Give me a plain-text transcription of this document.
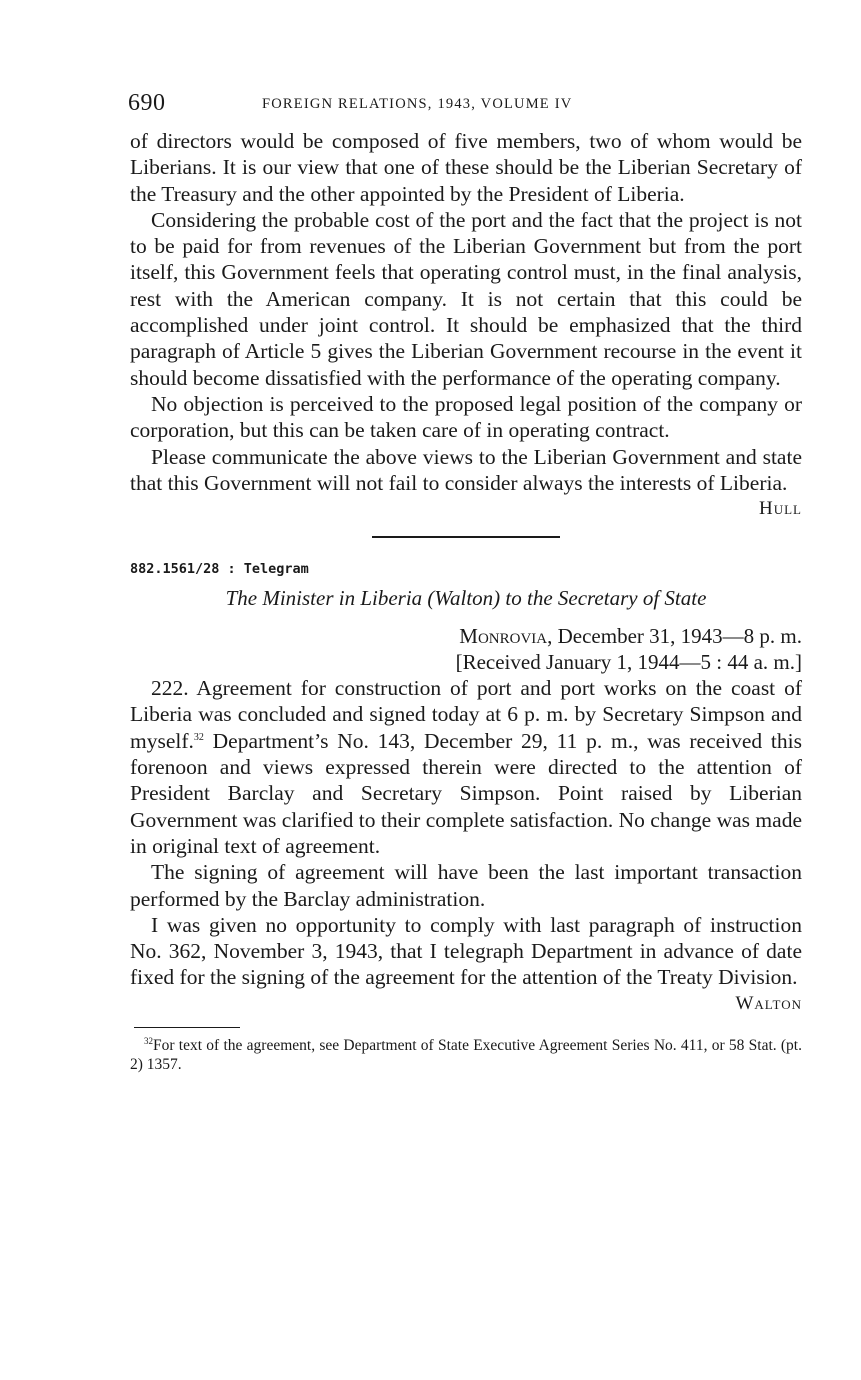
690	FOREIGN RELATIONS, 1943, VOLUME IV

of directors would be composed of five members, two of whom would be Liberians. It is our view that one of these should be the Liberian Secretary of the Treasury and the other appointed by the President of Liberia.

Considering the probable cost of the port and the fact that the project is not to be paid for from revenues of the Liberian Government but from the port itself, this Government feels that operating control must, in the final analysis, rest with the American company. It is not certain that this could be accomplished under joint control. It should be emphasized that the third paragraph of Article 5 gives the Liberian Government recourse in the event it should become dissatisfied with the performance of the operating company.

No objection is perceived to the proposed legal position of the company or corporation, but this can be taken care of in operating contract.

Please communicate the above views to the Liberian Government and state that this Government will not fail to consider always the interests of Liberia.

Hull
882.1561/28 : Telegram
The Minister in Liberia (Walton) to the Secretary of State
Monrovia, December 31, 1943—8 p. m.
[Received January 1, 1944—5 : 44 a. m.]

222. Agreement for construction of port and port works on the coast of Liberia was concluded and signed today at 6 p. m. by Secretary Simpson and myself.$^{32}$ Department’s No. 143, December 29, 11 p. m., was received this forenoon and views expressed therein were directed to the attention of President Barclay and Secretary Simpson. Point raised by Liberian Government was clarified to their complete satisfaction. No change was made in original text of agreement.

The signing of agreement will have been the last important transaction performed by the Barclay administration.

I was given no opportunity to comply with last paragraph of instruction No. 362, November 3, 1943, that I telegraph Department in advance of date fixed for the signing of the agreement for the attention of the Treaty Division.

Walton
$^{32}$For text of the agreement, see Department of State Executive Agreement Series No. 411, or 58 Stat. (pt. 2) 1357.
